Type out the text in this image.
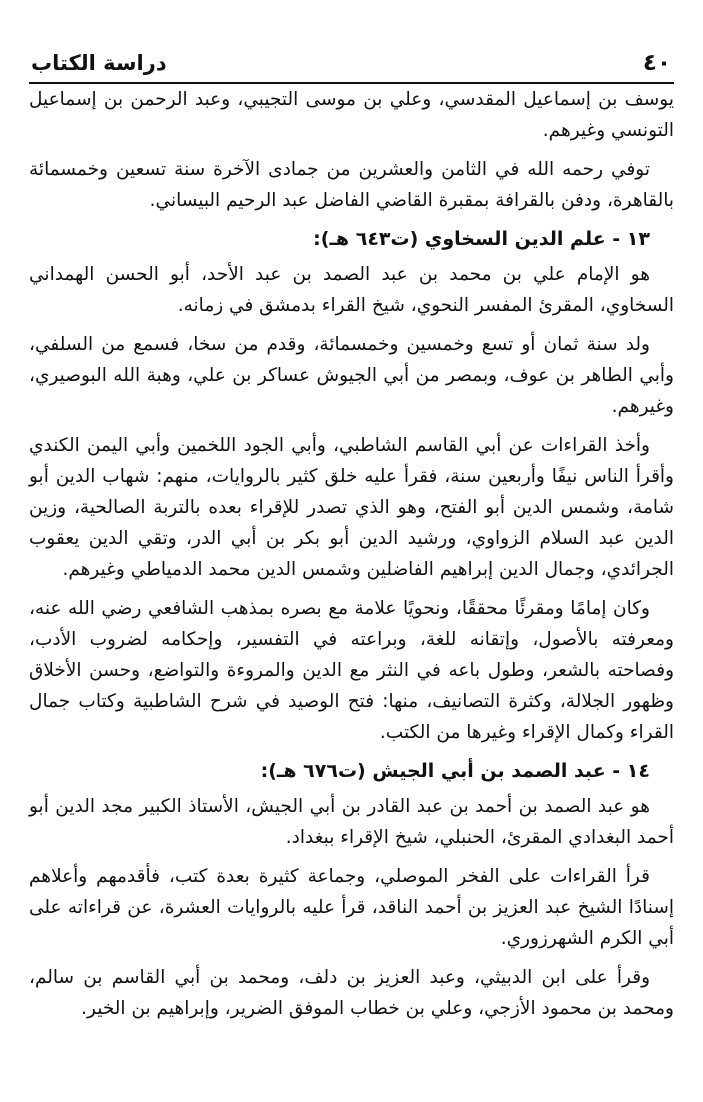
٤٠
دراسة الكتاب

يوسف بن إسماعيل المقدسي، وعلي بن موسى التجيبي، وعبد الرحمن بن إسماعيل التونسي وغيرهم.

توفي رحمه الله في الثامن والعشرين من جمادى الآخرة سنة تسعين وخمسمائة بالقاهرة، ودفن بالقرافة بمقبرة القاضي الفاضل عبد الرحيم البيساني.

١٣ - علم الدين السخاوي (ت٦٤٣ هـ):

هو الإمام علي بن محمد بن عبد الصمد بن عبد الأحد، أبو الحسن الهمداني السخاوي، المقرئ المفسر النحوي، شيخ القراء بدمشق في زمانه.

ولد سنة ثمان أو تسع وخمسين وخمسمائة، وقدم من سخا، فسمع من السلفي، وأبي الطاهر بن عوف، وبمصر من أبي الجيوش عساكر بن علي، وهبة الله البوصيري، وغيرهم.

وأخذ القراءات عن أبي القاسم الشاطبي، وأبي الجود اللخمين وأبي اليمن الكندي وأقرأ الناس نيفًا وأربعين سنة، فقرأ عليه خلق كثير بالروايات، منهم: شهاب الدين أبو شامة، وشمس الدين أبو الفتح، وهو الذي تصدر للإقراء بعده بالتربة الصالحية، وزين الدين عبد السلام الزواوي، ورشيد الدين أبو بكر بن أبي الدر، وتقي الدين يعقوب الجرائدي، وجمال الدين إبراهيم الفاضلين وشمس الدين محمد الدمياطي وغيرهم.

وكان إمامًا ومقرئًا محققًا، ونحويًا علامة مع بصره بمذهب الشافعي رضي الله عنه، ومعرفته بالأصول، وإتقانه للغة، وبراعته في التفسير، وإحكامه لضروب الأدب، وفصاحته بالشعر، وطول باعه في النثر مع الدين والمروءة والتواضع، وحسن الأخلاق وظهور الجلالة، وكثرة التصانيف، منها: فتح الوصيد في شرح الشاطبية وكتاب جمال القراء وكمال الإقراء وغيرها من الكتب.

١٤ - عبد الصمد بن أبي الجيش (ت٦٧٦ هـ):

هو عبد الصمد بن أحمد بن عبد القادر بن أبي الجيش، الأستاذ الكبير مجد الدين أبو أحمد البغدادي المقرئ، الحنبلي، شيخ الإقراء ببغداد.

قرأ القراءات على الفخر الموصلي، وجماعة كثيرة بعدة كتب، فأقدمهم وأعلاهم إسنادًا الشيخ عبد العزيز بن أحمد الناقد، قرأ عليه بالروايات العشرة، عن قراءاته على أبي الكرم الشهرزوري.

وقرأ على ابن الدبيثي، وعبد العزيز بن دلف، ومحمد بن أبي القاسم بن سالم، ومحمد بن محمود الأزجي، وعلي بن خطاب الموفق الضرير، وإبراهيم بن الخير.
